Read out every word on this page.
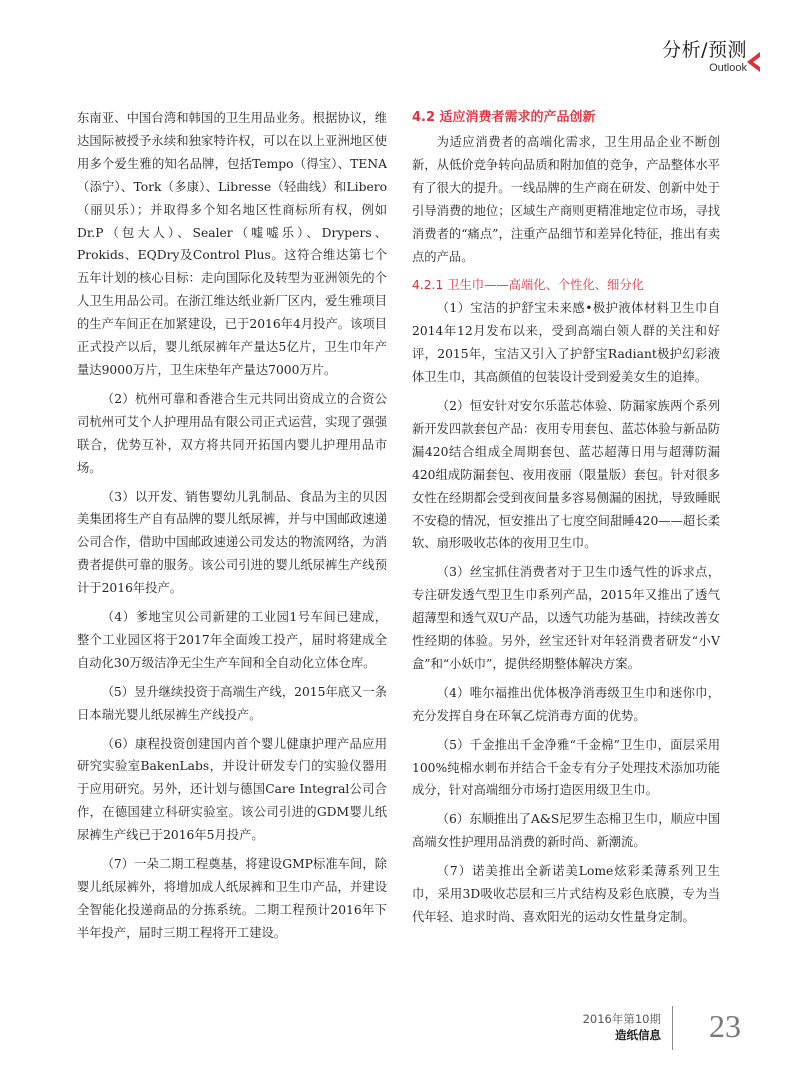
分析/预测
Outlook

东南亚、中国台湾和韩国的卫生用品业务。根据协议，维达国际被授予永续和独家特许权，可以在以上亚洲地区使用多个爱生雅的知名品牌，包括Tempo（得宝）、TENA（添宁）、Tork（多康）、Libresse（轻曲线）和Libero（丽贝乐）；并取得多个知名地区性商标所有权，例如Dr.P（包大人）、Sealer（嘘嘘乐）、Drypers、Prokids、EQDry及Control Plus。这符合维达第七个五年计划的核心目标：走向国际化及转型为亚洲领先的个人卫生用品公司。在浙江维达纸业新厂区内，爱生雅项目的生产车间正在加紧建设，已于2016年4月投产。该项目正式投产以后，婴儿纸尿裤年产量达5亿片，卫生巾年产量达9000万片，卫生床垫年产量达7000万片。

（2）杭州可靠和香港合生元共同出资成立的合资公司杭州可艾个人护理用品有限公司正式运营，实现了强强联合，优势互补，双方将共同开拓国内婴儿护理用品市场。

（3）以开发、销售婴幼儿乳制品、食品为主的贝因美集团将生产自有品牌的婴儿纸尿裤，并与中国邮政速递公司合作，借助中国邮政速递公司发达的物流网络，为消费者提供可靠的服务。该公司引进的婴儿纸尿裤生产线预计于2016年投产。

（4）爹地宝贝公司新建的工业园1号车间已建成，整个工业园区将于2017年全面竣工投产，届时将建成全自动化30万级洁净无尘生产车间和全自动化立体仓库。

（5）昱升继续投资于高端生产线，2015年底又一条日本瑞光婴儿纸尿裤生产线投产。

（6）康程投资创建国内首个婴儿健康护理产品应用研究实验室BakenLabs，并设计研发专门的实验仪器用于应用研究。另外，还计划与德国Care Integral公司合作，在德国建立科研实验室。该公司引进的GDM婴儿纸尿裤生产线已于2016年5月投产。

（7）一朵二期工程奠基，将建设GMP标准车间，除婴儿纸尿裤外，将增加成人纸尿裤和卫生巾产品，并建设全智能化投递商品的分拣系统。二期工程预计2016年下半年投产，届时三期工程将开工建设。

4.2 适应消费者需求的产品创新

为适应消费者的高端化需求，卫生用品企业不断创新，从低价竞争转向品质和附加值的竞争，产品整体水平有了很大的提升。一线品牌的生产商在研发、创新中处于引导消费的地位；区域生产商则更精准地定位市场，寻找消费者的“痛点”，注重产品细节和差异化特征，推出有卖点的产品。

4.2.1 卫生巾——高端化、个性化、细分化

（1）宝洁的护舒宝未来感•极护液体材料卫生巾自2014年12月发布以来，受到高端白领人群的关注和好评，2015年，宝洁又引入了护舒宝Radiant极护幻彩液体卫生巾，其高颜值的包装设计受到爱美女生的追捧。

（2）恒安针对安尔乐蓝芯体验、防漏家族两个系列新开发四款套包产品：夜用专用套包、蓝芯体验与新品防漏420结合组成全周期套包、蓝芯超薄日用与超薄防漏420组成防漏套包、夜用夜丽（限量版）套包。针对很多女性在经期都会受到夜间量多容易侧漏的困扰，导致睡眠不安稳的情况，恒安推出了七度空间甜睡420——超长柔软、扇形吸收芯体的夜用卫生巾。

（3）丝宝抓住消费者对于卫生巾透气性的诉求点，专注研发透气型卫生巾系列产品，2015年又推出了透气超薄型和透气双U产品，以透气功能为基础，持续改善女性经期的体验。另外，丝宝还针对年轻消费者研发“小V盒”和“小妖巾”，提供经期整体解决方案。

（4）唯尔福推出优体极净消毒级卫生巾和迷你巾，充分发挥自身在环氧乙烷消毒方面的优势。

（5）千金推出千金净雅“千金棉”卫生巾，面层采用100%纯棉水刺布并结合千金专有分子处理技术添加功能成分，针对高端细分市场打造医用级卫生巾。

（6）东顺推出了A&S尼罗生态棉卫生巾，顺应中国高端女性护理用品消费的新时尚、新潮流。

（7）诺美推出全新诺美Lome炫彩柔薄系列卫生巾，采用3D吸收芯层和三片式结构及彩色底膜，专为当代年轻、追求时尚、喜欢阳光的运动女性量身定制。

2016年第10期
造纸信息	23
